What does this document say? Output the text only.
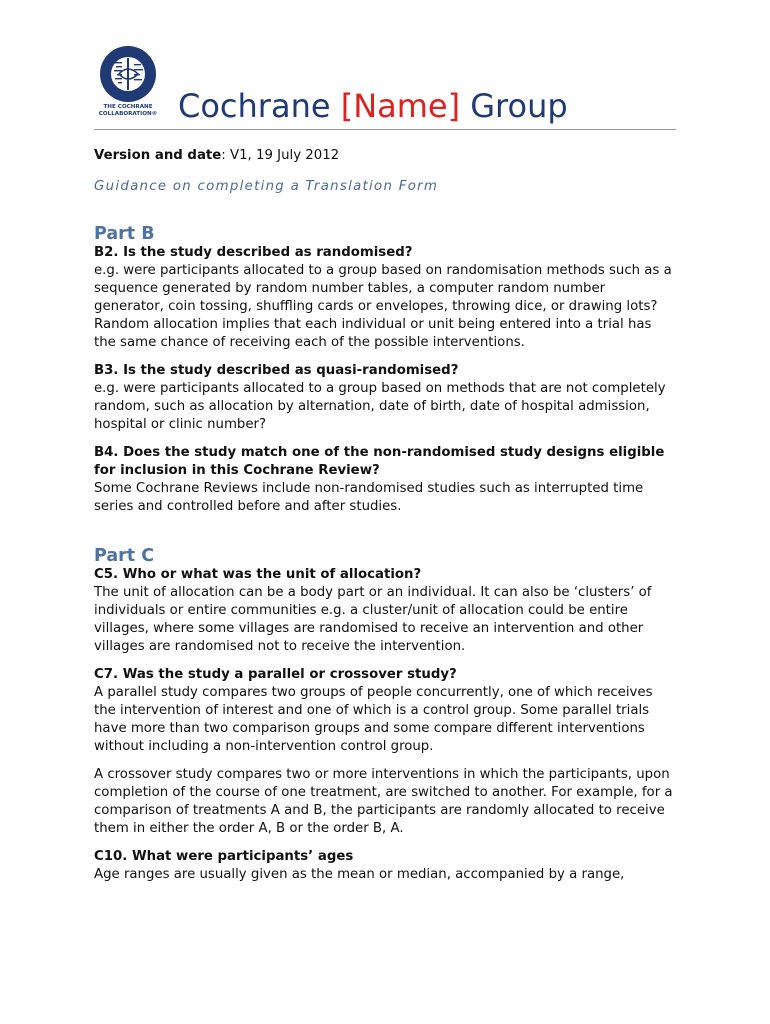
THE COCHRANE
COLLABORATION® Cochrane [Name] Group

Version and date: V1, 19 July 2012

Guidance on completing a Translation Form

Part B

B2. Is the study described as randomised?

e.g. were participants allocated to a group based on randomisation methods such as a sequence generated by random number tables, a computer random number generator, coin tossing, shuffling cards or envelopes, throwing dice, or drawing lots? Random allocation implies that each individual or unit being entered into a trial has the same chance of receiving each of the possible interventions.

B3. Is the study described as quasi-randomised?

e.g. were participants allocated to a group based on methods that are not completely random, such as allocation by alternation, date of birth, date of hospital admission, hospital or clinic number?

B4. Does the study match one of the non-randomised study designs eligible for inclusion in this Cochrane Review?

Some Cochrane Reviews include non-randomised studies such as interrupted time series and controlled before and after studies.

Part C

C5. Who or what was the unit of allocation?

The unit of allocation can be a body part or an individual. It can also be ‘clusters’ of individuals or entire communities e.g. a cluster/unit of allocation could be entire villages, where some villages are randomised to receive an intervention and other villages are randomised not to receive the intervention.

C7. Was the study a parallel or crossover study?

A parallel study compares two groups of people concurrently, one of which receives the intervention of interest and one of which is a control group. Some parallel trials have more than two comparison groups and some compare different interventions without including a non-intervention control group.

A crossover study compares two or more interventions in which the participants, upon completion of the course of one treatment, are switched to another. For example, for a comparison of treatments A and B, the participants are randomly allocated to receive them in either the order A, B or the order B, A.

C10. What were participants’ ages

Age ranges are usually given as the mean or median, accompanied by a range,
